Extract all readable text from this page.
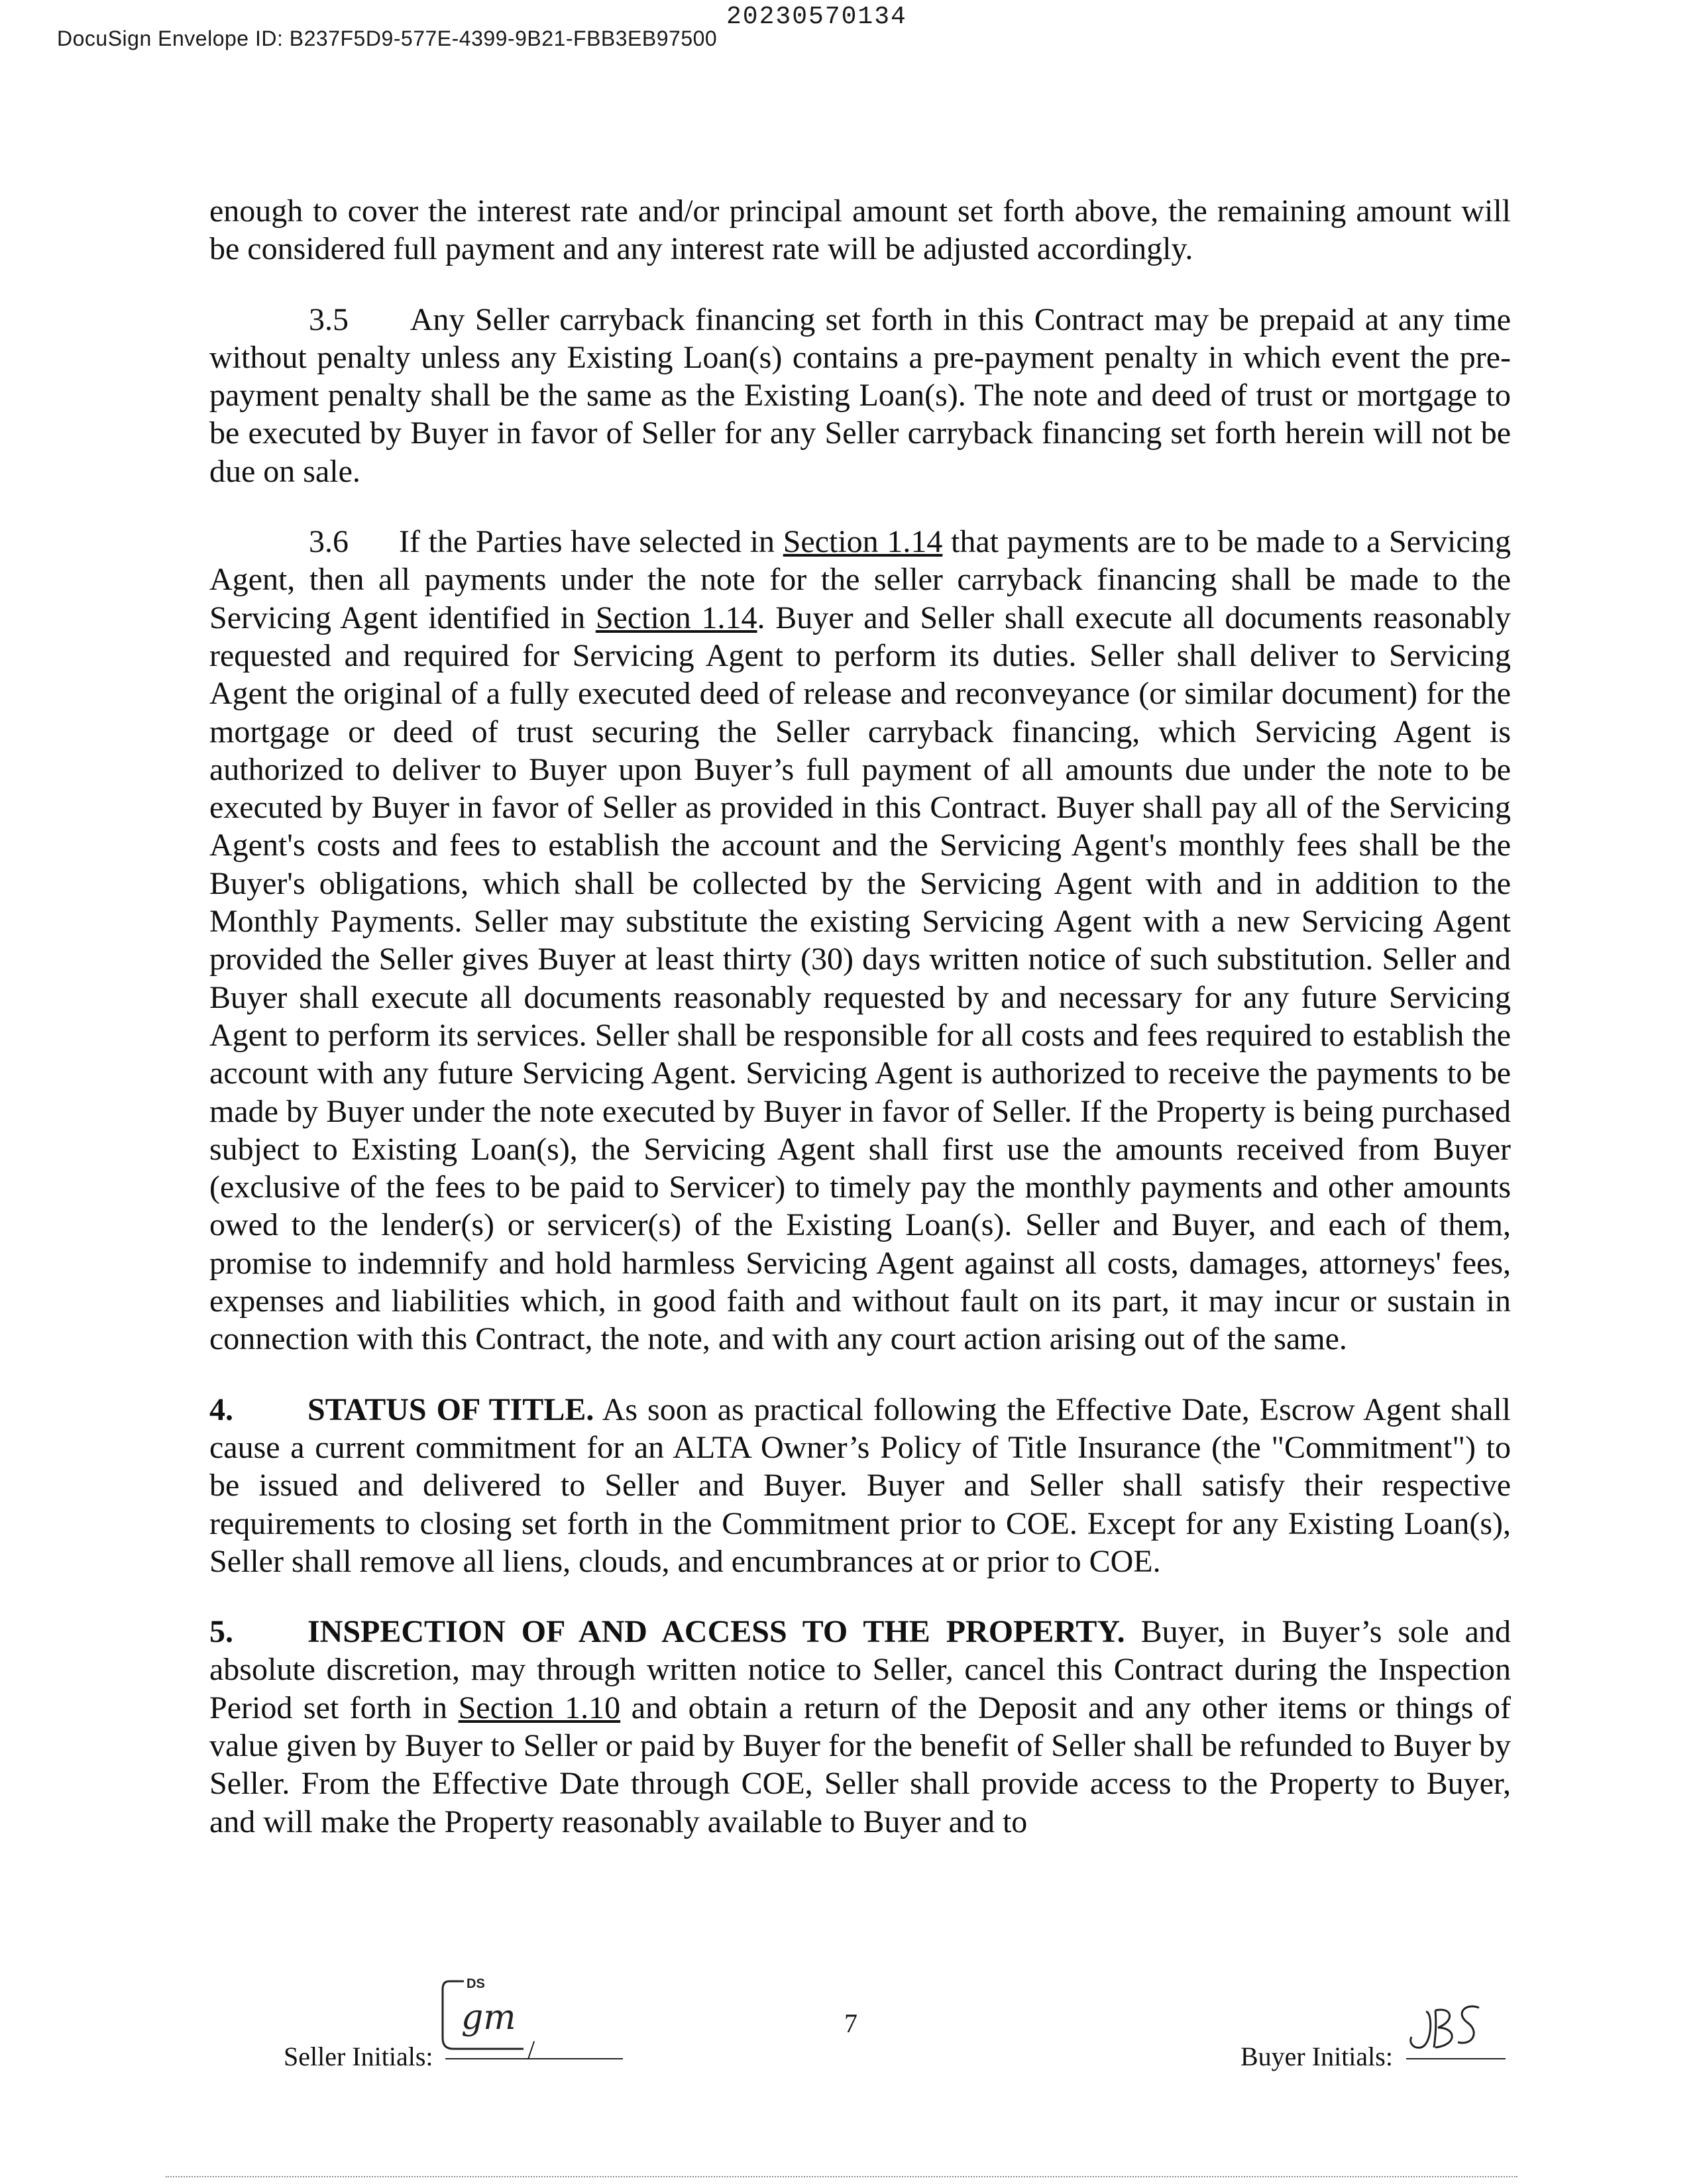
DocuSign Envelope ID: B237F5D9-577E-4399-9B21-FBB3EB97500
20230570134

enough to cover the interest rate and/or principal amount set forth above, the remaining amount will be considered full payment and any interest rate will be adjusted accordingly.

3.5      Any Seller carryback financing set forth in this Contract may be prepaid at any time without penalty unless any Existing Loan(s) contains a pre-payment penalty in which event the pre-payment penalty shall be the same as the Existing Loan(s). The note and deed of trust or mortgage to be executed by Buyer in favor of Seller for any Seller carryback financing set forth herein will not be due on sale.

3.6      If the Parties have selected in Section 1.14 that payments are to be made to a Servicing Agent, then all payments under the note for the seller carryback financing shall be made to the Servicing Agent identified in Section 1.14. Buyer and Seller shall execute all documents reasonably requested and required for Servicing Agent to perform its duties. Seller shall deliver to Servicing Agent the original of a fully executed deed of release and reconveyance (or similar document) for the mortgage or deed of trust securing the Seller carryback financing, which Servicing Agent is authorized to deliver to Buyer upon Buyer’s full payment of all amounts due under the note to be executed by Buyer in favor of Seller as provided in this Contract. Buyer shall pay all of the Servicing Agent's costs and fees to establish the account and the Servicing Agent's monthly fees shall be the Buyer's obligations, which shall be collected by the Servicing Agent with and in addition to the Monthly Payments. Seller may substitute the existing Servicing Agent with a new Servicing Agent provided the Seller gives Buyer at least thirty (30) days written notice of such substitution. Seller and Buyer shall execute all documents reasonably requested by and necessary for any future Servicing Agent to perform its services. Seller shall be responsible for all costs and fees required to establish the account with any future Servicing Agent. Servicing Agent is authorized to receive the payments to be made by Buyer under the note executed by Buyer in favor of Seller. If the Property is being purchased subject to Existing Loan(s), the Servicing Agent shall first use the amounts received from Buyer (exclusive of the fees to be paid to Servicer) to timely pay the monthly payments and other amounts owed to the lender(s) or servicer(s) of the Existing Loan(s). Seller and Buyer, and each of them, promise to indemnify and hold harmless Servicing Agent against all costs, damages, attorneys' fees, expenses and liabilities which, in good faith and without fault on its part, it may incur or sustain in connection with this Contract, the note, and with any court action arising out of the same.

4. STATUS OF TITLE. As soon as practical following the Effective Date, Escrow Agent shall cause a current commitment for an ALTA Owner’s Policy of Title Insurance (the "Commitment") to be issued and delivered to Seller and Buyer. Buyer and Seller shall satisfy their respective requirements to closing set forth in the Commitment prior to COE. Except for any Existing Loan(s), Seller shall remove all liens, clouds, and encumbrances at or prior to COE.

5. INSPECTION OF AND ACCESS TO THE PROPERTY. Buyer, in Buyer’s sole and absolute discretion, may through written notice to Seller, cancel this Contract during the Inspection Period set forth in Section 1.10 and obtain a return of the Deposit and any other items or things of value given by Buyer to Seller or paid by Buyer for the benefit of Seller shall be refunded to Buyer by Seller. From the Effective Date through COE, Seller shall provide access to the Property to Buyer, and will make the Property reasonably available to Buyer and to

Seller Initials:
DS
gm
/
7
Buyer Initials:
